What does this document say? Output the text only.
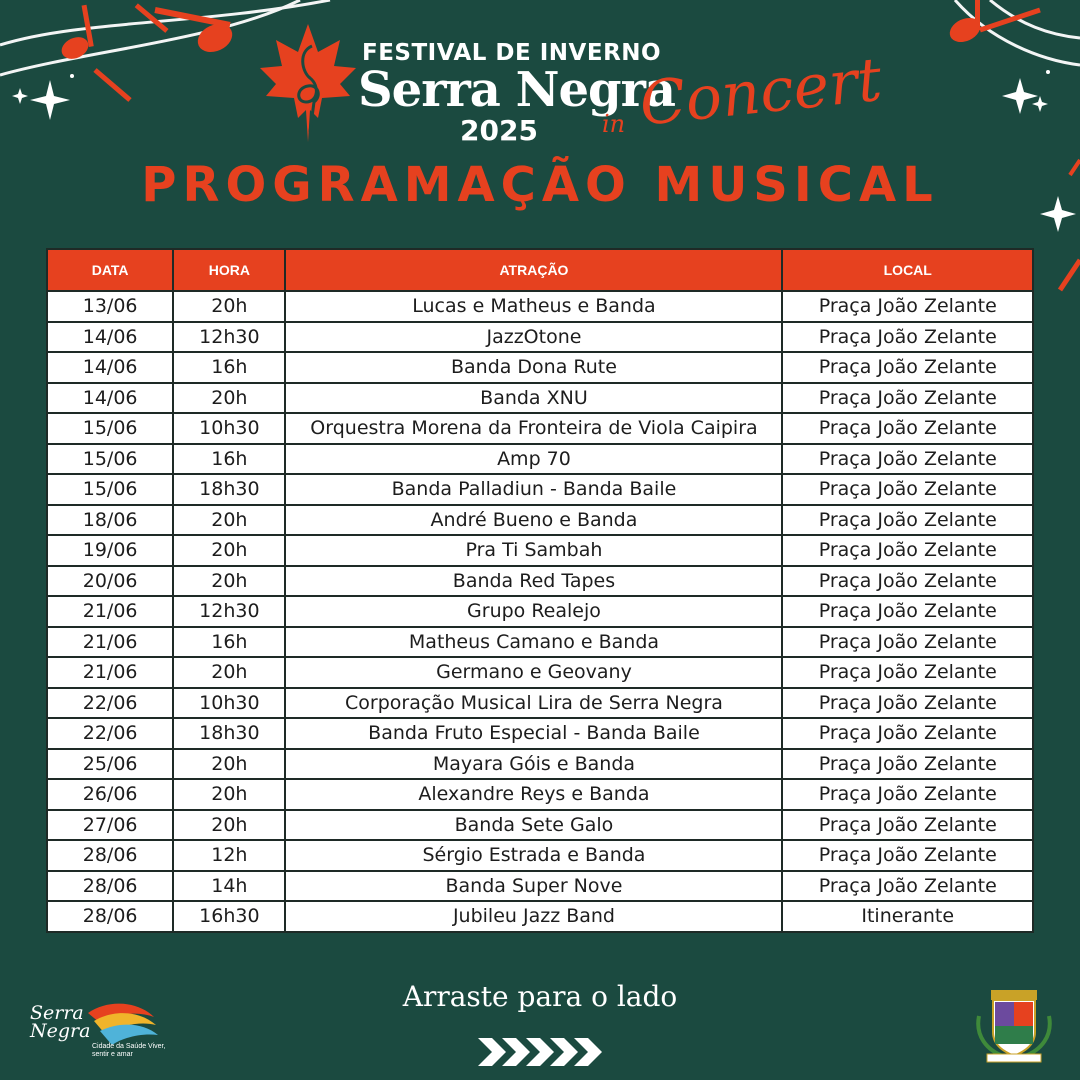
FESTIVAL DE INVERNO
Serra Negra
2025	in Concert
PROGRAMAÇÃO MUSICAL
DATA	HORA	ATRAÇÃO	LOCAL
13/06	20h	Lucas e Matheus e Banda	Praça João Zelante
14/06	12h30	JazzOtone	Praça João Zelante
14/06	16h	Banda Dona Rute	Praça João Zelante
14/06	20h	Banda XNU	Praça João Zelante
15/06	10h30	Orquestra Morena da Fronteira de Viola Caipira	Praça João Zelante
15/06	16h	Amp 70	Praça João Zelante
15/06	18h30	Banda Palladiun - Banda Baile	Praça João Zelante
18/06	20h	André Bueno e Banda	Praça João Zelante
19/06	20h	Pra Ti Sambah	Praça João Zelante
20/06	20h	Banda Red Tapes	Praça João Zelante
21/06	12h30	Grupo Realejo	Praça João Zelante
21/06	16h	Matheus Camano e Banda	Praça João Zelante
21/06	20h	Germano e Geovany	Praça João Zelante
22/06	10h30	Corporação Musical Lira de Serra Negra	Praça João Zelante
22/06	18h30	Banda Fruto Especial - Banda Baile	Praça João Zelante
25/06	20h	Mayara Góis e Banda	Praça João Zelante
26/06	20h	Alexandre Reys e Banda	Praça João Zelante
27/06	20h	Banda Sete Galo	Praça João Zelante
28/06	12h	Sérgio Estrada e Banda	Praça João Zelante
28/06	14h	Banda Super Nove	Praça João Zelante
28/06	16h30	Jubileu Jazz Band	Itinerante
Arraste para o lado
Serra Negra
Cidade da Saúde Viver, sentir e amar
